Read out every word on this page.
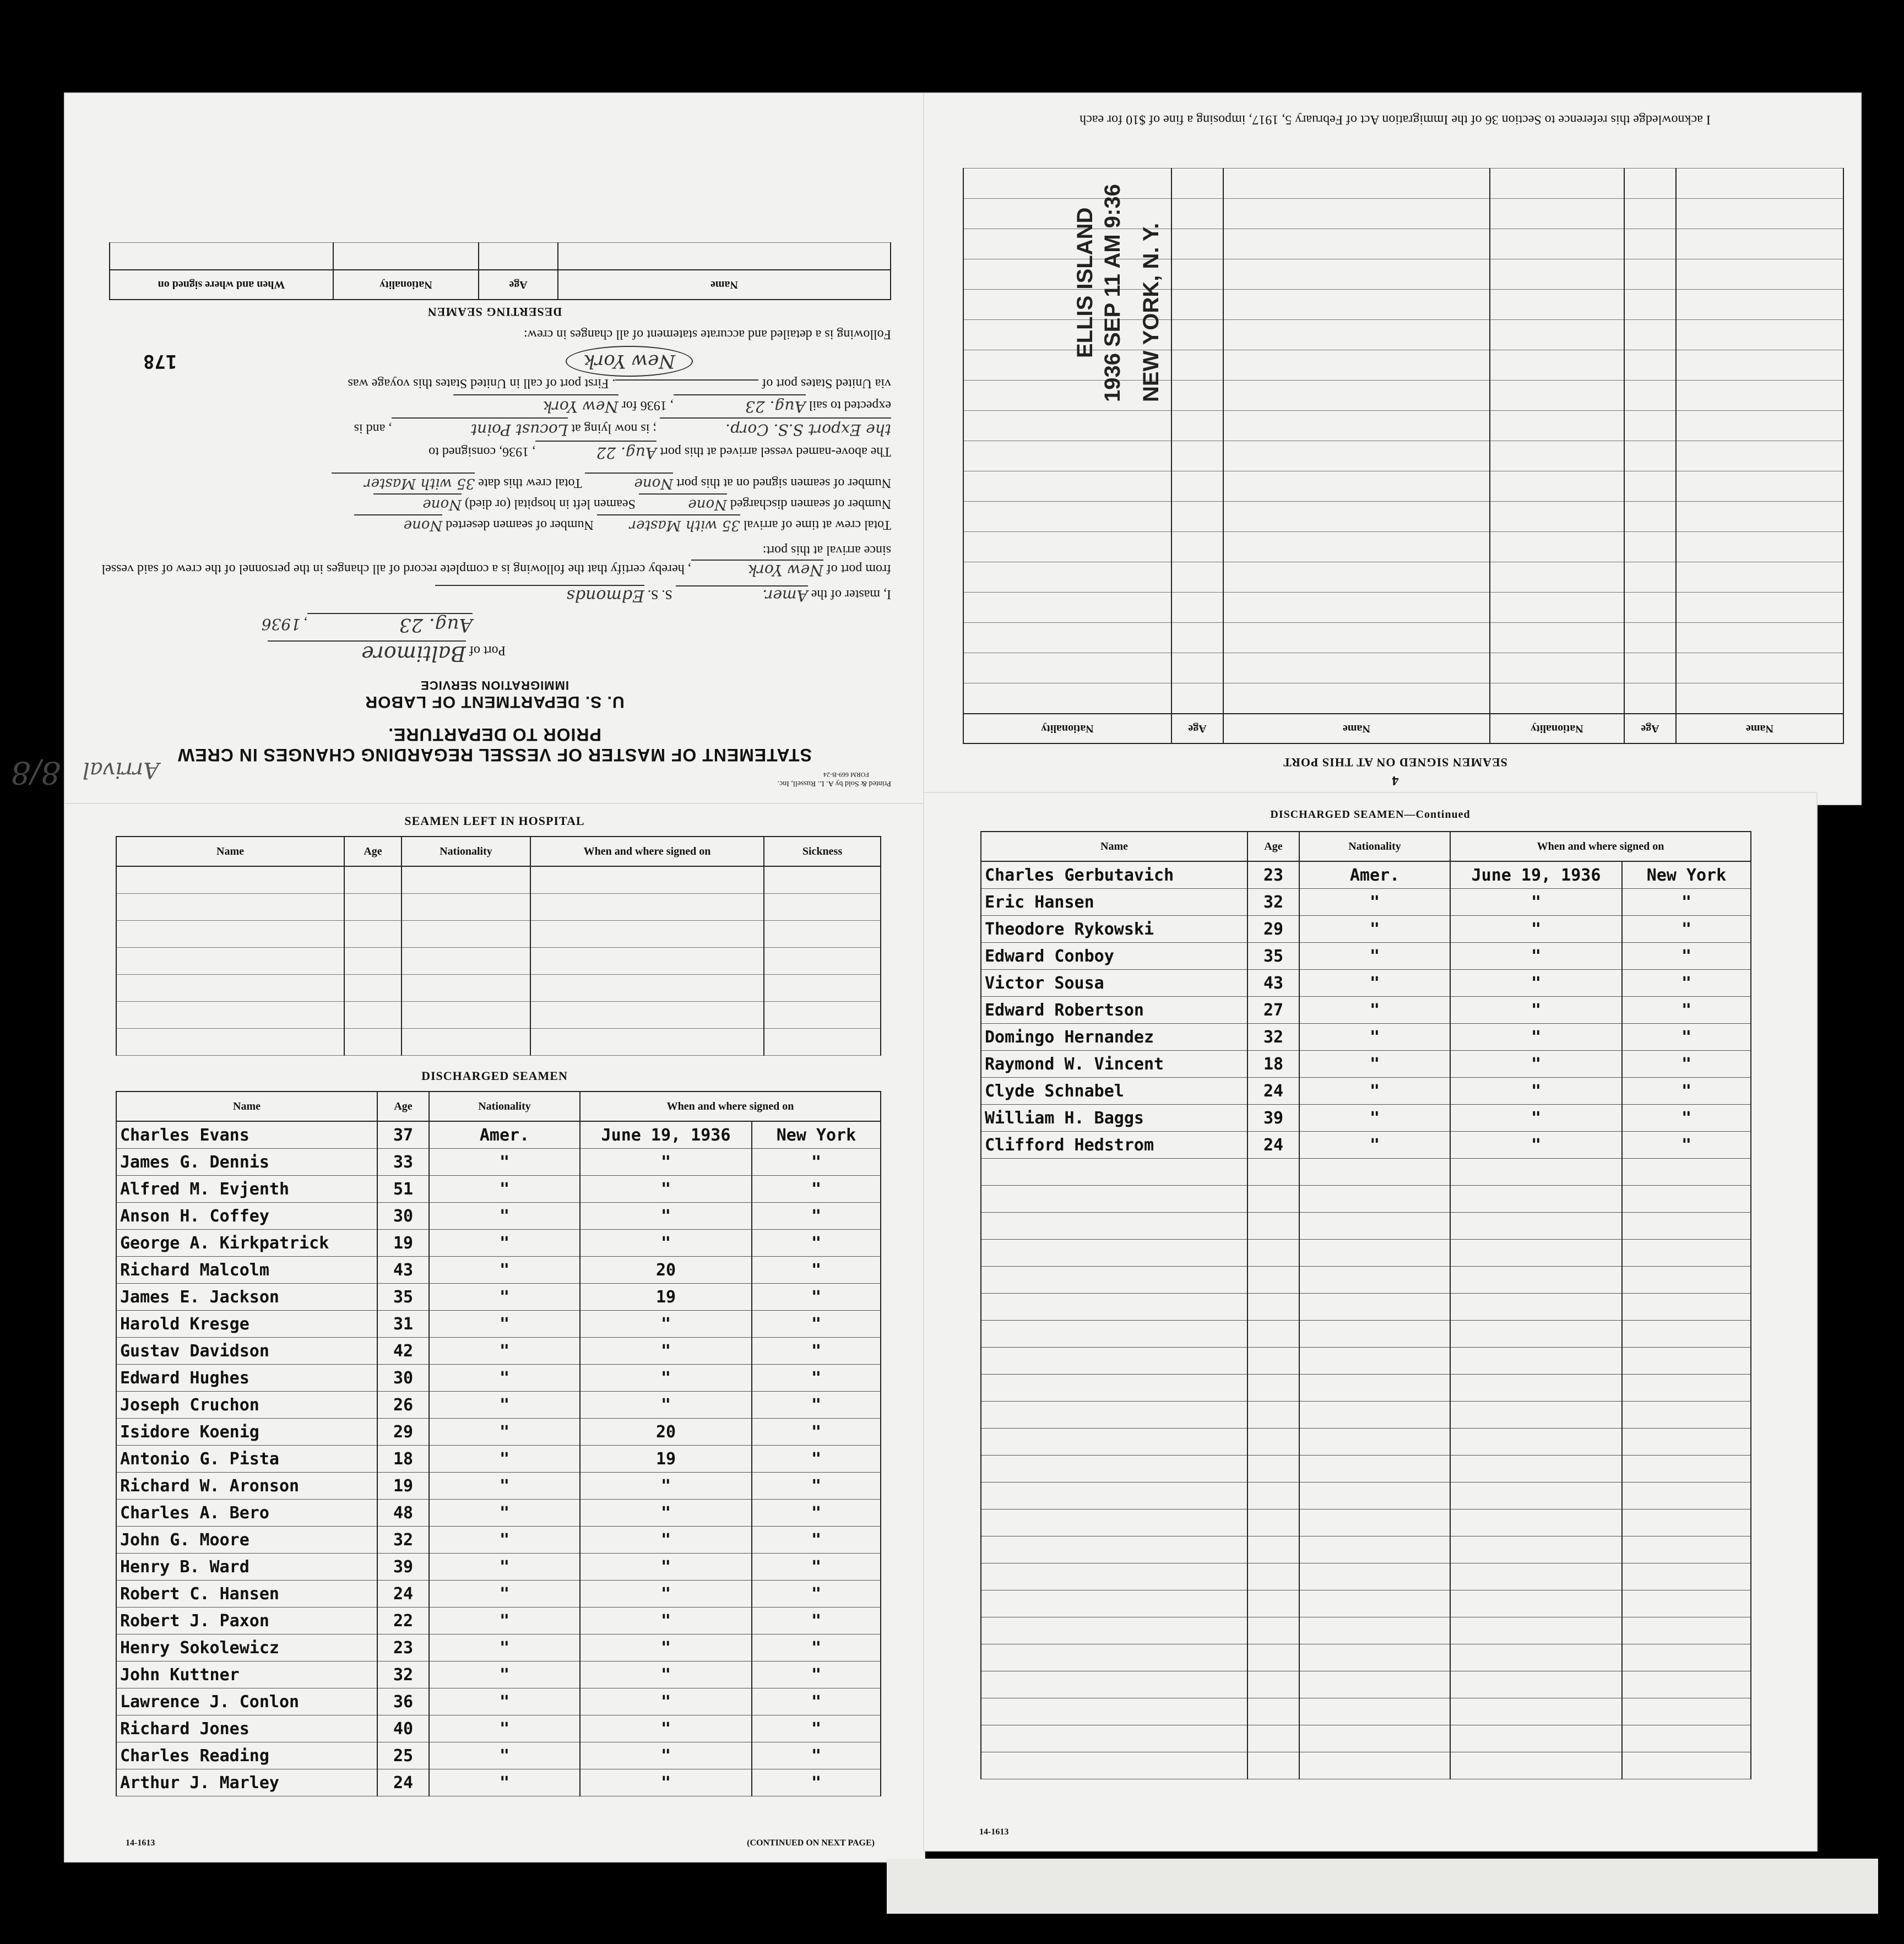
Printed & Sold by A. L. Russell, Inc.
FORM 669-B-24
STATEMENT OF MASTER OF VESSEL REGARDING CHANGES IN CREW
PRIOR TO DEPARTURE.
U. S. DEPARTMENT OF LABOR
IMMIGRATION SERVICE
Port of Baltimore
Aug. 23, 1936
I, master of the Amer. S. S. Edmonds
from port of New York, hereby certify that the following is a complete record of all changes in the personnel of the crew of said vessel since arrival at this port:
Total crew at time of arrival 35 with Master Number of seamen deserted None
Number of seamen discharged None Seamen left in hospital (or died) None
Number of seamen signed on at this port None Total crew this date 35 with Master
The above-named vessel arrived at this port Aug. 22, 1936, consigned to
the Export S.S. Corp. ; is now lying at Locust Point, and is
expected to sail Aug. 23, 1936 for New York
via United States port of . First port of call in United States this voyage was
New York 178
Following is a detailed and accurate statement of all changes in crew:
DESERTING SEAMEN
Name	Age	Nationality	When and where signed on

4
SEAMEN SIGNED ON AT THIS PORT
Name	Age	Nationality	Name	Age	Nationality

I acknowledge this reference to Section 36 of the Immigration Act of February 5, 1917, imposing a fine of $10 for each
ELLIS ISLAND 1936 SEP 11 AM 9:36 NEW YORK, N. Y.
Arrival
8/8
SEAMEN LEFT IN HOSPITAL
Name	Age	Nationality	When and where signed on	Sickness

DISCHARGED SEAMEN
Name	Age	Nationality	When and where signed on	
Charles Evans	37	Amer.	June 19, 1936	New York
James G. Dennis	33	"	"	"
Alfred M. Evjenth	51	"	"	"
Anson H. Coffey	30	"	"	"
George A. Kirkpatrick	19	"	"	"
Richard Malcolm	43	"	20	"
James E. Jackson	35	"	19	"
Harold Kresge	31	"	"	"
Gustav Davidson	42	"	"	"
Edward Hughes	30	"	"	"
Joseph Cruchon	26	"	"	"
Isidore Koenig	29	"	20	"
Antonio G. Pista	18	"	19	"
Richard W. Aronson	19	"	"	"
Charles A. Bero	48	"	"	"
John G. Moore	32	"	"	"
Henry B. Ward	39	"	"	"
Robert C. Hansen	24	"	"	"
Robert J. Paxon	22	"	"	"
Henry Sokolewicz	23	"	"	"
John Kuttner	32	"	"	"
Lawrence J. Conlon	36	"	"	"
Richard Jones	40	"	"	"
Charles Reading	25	"	"	"
Arthur J. Marley	24	"	"	"
14-1613	(CONTINUED ON NEXT PAGE)
DISCHARGED SEAMEN—Continued
Name	Age	Nationality	When and where signed on	
Charles Gerbutavich	23	Amer.	June 19, 1936	New York
Eric Hansen	32	"	"	"
Theodore Rykowski	29	"	"	"
Edward Conboy	35	"	"	"
Victor Sousa	43	"	"	"
Edward Robertson	27	"	"	"
Domingo Hernandez	32	"	"	"
Raymond W. Vincent	18	"	"	"
Clyde Schnabel	24	"	"	"
William H. Baggs	39	"	"	"
Clifford Hedstrom	24	"	"	"

14-1613
